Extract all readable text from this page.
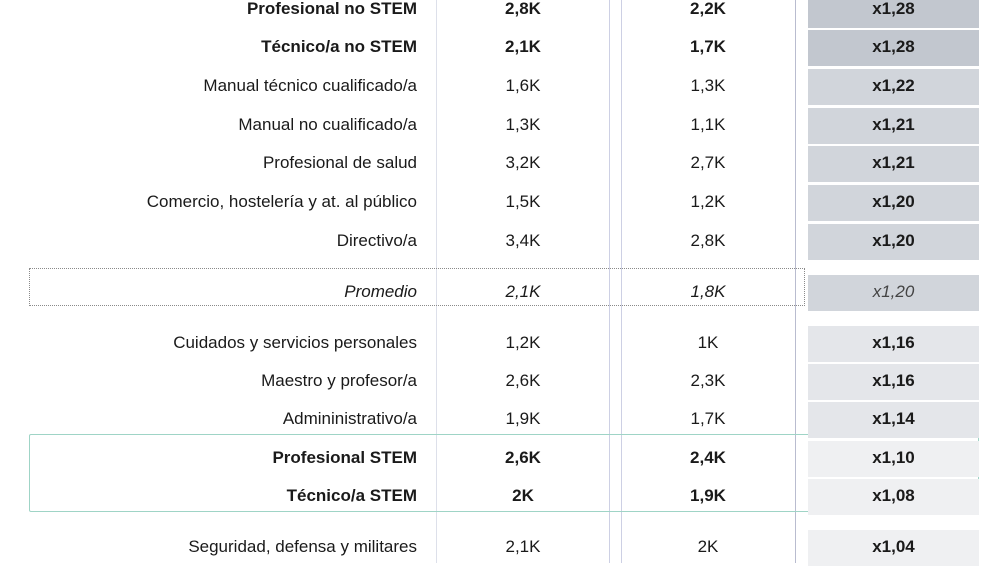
Profesional no STEM	2,8K	2,2K	x1,28
Técnico/a no STEM	2,1K	1,7K	x1,28
Manual técnico cualificado/a	1,6K	1,3K	x1,22
Manual no cualificado/a	1,3K	1,1K	x1,21
Profesional de salud	3,2K	2,7K	x1,21
Comercio, hostelería y at. al público	1,5K	1,2K	x1,20
Directivo/a	3,4K	2,8K	x1,20
Promedio	2,1K	1,8K	x1,20
Cuidados y servicios personales	1,2K	1K	x1,16
Maestro y profesor/a	2,6K	2,3K	x1,16
Admininistrativo/a	1,9K	1,7K	x1,14
Profesional STEM	2,6K	2,4K	x1,10
Técnico/a STEM	2K	1,9K	x1,08
Seguridad, defensa y militares	2,1K	2K	x1,04
